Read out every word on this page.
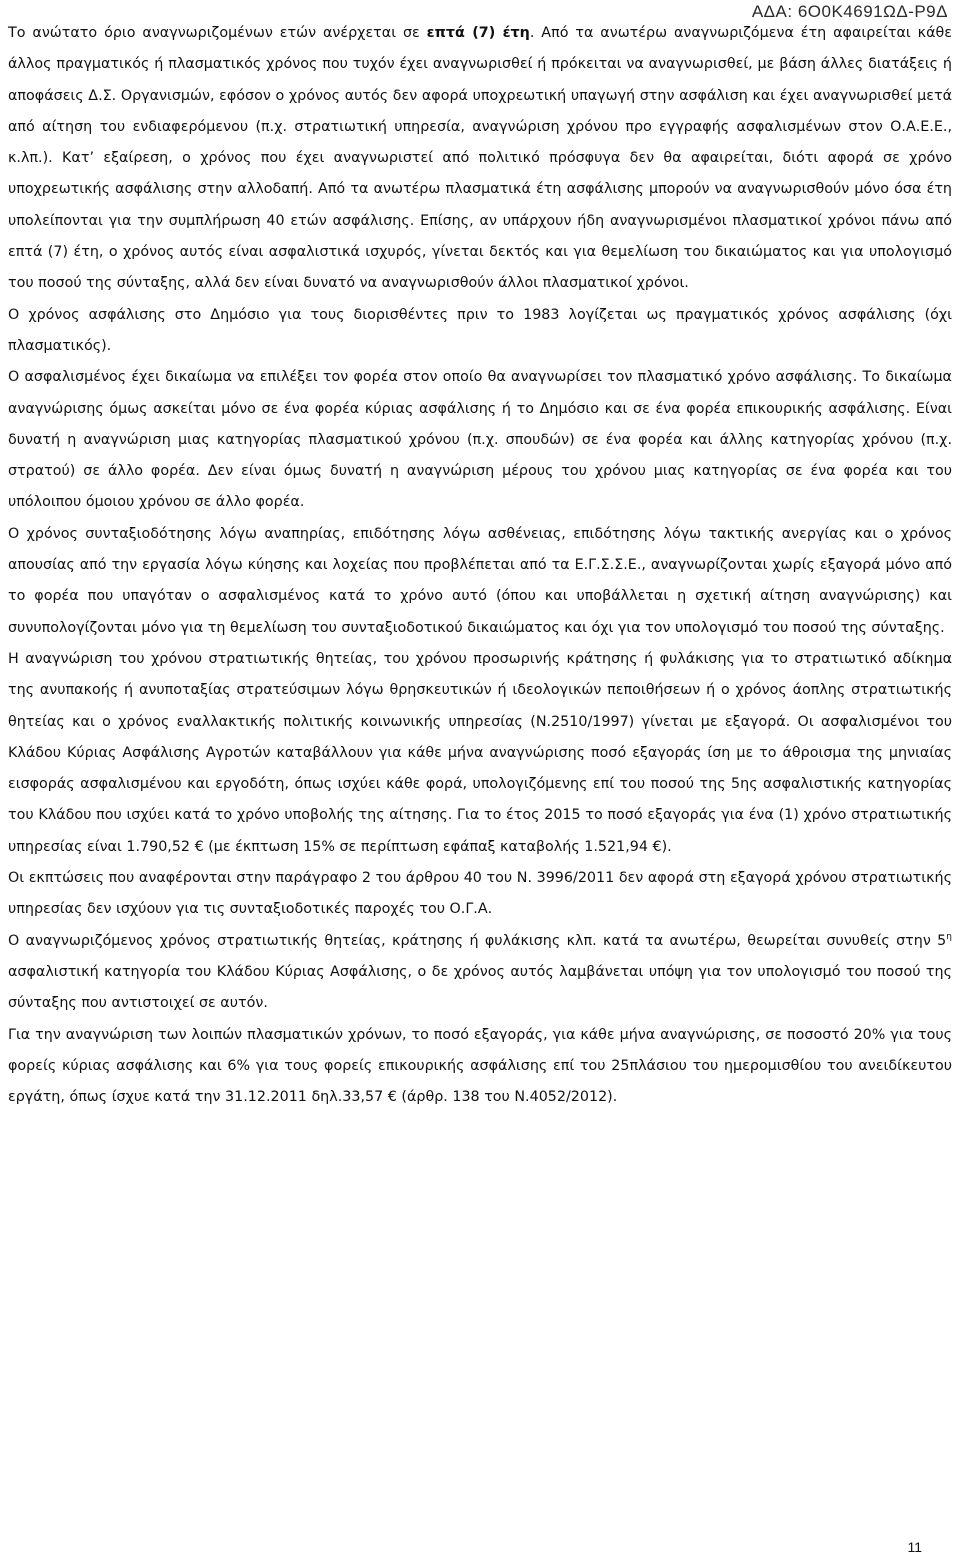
ΑΔΑ: 6Ο0Κ4691ΩΔ-Ρ9Δ

Το ανώτατο όριο αναγνωριζομένων ετών ανέρχεται σε επτά (7) έτη. Από τα ανωτέρω αναγνωριζόμενα έτη αφαιρείται κάθε άλλος πραγματικός ή πλασματικός χρόνος που τυχόν έχει αναγνωρισθεί ή πρόκειται να αναγνωρισθεί, με βάση άλλες διατάξεις ή αποφάσεις Δ.Σ. Οργανισμών, εφόσον ο χρόνος αυτός δεν αφορά υποχρεωτική υπαγωγή στην ασφάλιση και έχει αναγνωρισθεί μετά από αίτηση του ενδιαφερόμενου (π.χ. στρατιωτική υπηρεσία, αναγνώριση χρόνου προ εγγραφής ασφαλισμένων στον Ο.Α.Ε.Ε., κ.λπ.). Κατ’ εξαίρεση, ο χρόνος που έχει αναγνωριστεί από πολιτικό πρόσφυγα δεν θα αφαιρείται, διότι αφορά σε χρόνο υποχρεωτικής ασφάλισης στην αλλοδαπή. Από τα ανωτέρω πλασματικά έτη ασφάλισης μπορούν να αναγνωρισθούν μόνο όσα έτη υπολείπονται για την συμπλήρωση 40 ετών ασφάλισης. Επίσης, αν υπάρχουν ήδη αναγνωρισμένοι πλασματικοί χρόνοι πάνω από επτά (7) έτη, ο χρόνος αυτός είναι ασφαλιστικά ισχυρός, γίνεται δεκτός και για θεμελίωση του δικαιώματος και για υπολογισμό του ποσού της σύνταξης, αλλά δεν είναι δυνατό να αναγνωρισθούν άλλοι πλασματικοί χρόνοι.

Ο χρόνος ασφάλισης στο Δημόσιο για τους διορισθέντες πριν το 1983 λογίζεται ως πραγματικός χρόνος ασφάλισης (όχι πλασματικός).

Ο ασφαλισμένος έχει δικαίωμα να επιλέξει τον φορέα στον οποίο θα αναγνωρίσει τον πλασματικό χρόνο ασφάλισης. Το δικαίωμα αναγνώρισης όμως ασκείται μόνο σε ένα φορέα κύριας ασφάλισης ή το Δημόσιο και σε ένα φορέα επικουρικής ασφάλισης. Είναι δυνατή η αναγνώριση μιας κατηγορίας πλασματικού χρόνου (π.χ. σπουδών) σε ένα φορέα και άλλης κατηγορίας χρόνου (π.χ. στρατού) σε άλλο φορέα. Δεν είναι όμως δυνατή η αναγνώριση μέρους του χρόνου μιας κατηγορίας σε ένα φορέα και του υπόλοιπου όμοιου χρόνου σε άλλο φορέα.

Ο χρόνος συνταξιοδότησης λόγω αναπηρίας, επιδότησης λόγω ασθένειας, επιδότησης λόγω τακτικής ανεργίας και ο χρόνος απουσίας από την εργασία λόγω κύησης και λοχείας που προβλέπεται από τα Ε.Γ.Σ.Σ.Ε., αναγνωρίζονται χωρίς εξαγορά μόνο από το φορέα που υπαγόταν ο ασφαλισμένος κατά το χρόνο αυτό (όπου και υποβάλλεται η σχετική αίτηση αναγνώρισης) και συνυπολογίζονται μόνο για τη θεμελίωση του συνταξιοδοτικού δικαιώματος και όχι για τον υπολογισμό του ποσού της σύνταξης.

Η αναγνώριση του χρόνου στρατιωτικής θητείας, του χρόνου προσωρινής κράτησης ή φυλάκισης για το στρατιωτικό αδίκημα της ανυπακοής ή ανυποταξίας στρατεύσιμων λόγω θρησκευτικών ή ιδεολογικών πεποιθήσεων ή ο χρόνος άοπλης στρατιωτικής θητείας και ο χρόνος εναλλακτικής πολιτικής κοινωνικής υπηρεσίας (Ν.2510/1997) γίνεται με εξαγορά. Οι ασφαλισμένοι του Κλάδου Κύριας Ασφάλισης Αγροτών καταβάλλουν για κάθε μήνα αναγνώρισης ποσό εξαγοράς ίση με το άθροισμα της μηνιαίας εισφοράς ασφαλισμένου και εργοδότη, όπως ισχύει κάθε φορά, υπολογιζόμενης επί του ποσού της 5ης ασφαλιστικής κατηγορίας του Κλάδου που ισχύει κατά το χρόνο υποβολής της αίτησης. Για το έτος 2015 το ποσό εξαγοράς για ένα (1) χρόνο στρατιωτικής υπηρεσίας είναι 1.790,52 € (με έκπτωση 15% σε περίπτωση εφάπαξ καταβολής 1.521,94 €).

Οι εκπτώσεις που αναφέρονται στην παράγραφο 2 του άρθρου 40 του Ν. 3996/2011 δεν αφορά στη εξαγορά χρόνου στρατιωτικής υπηρεσίας δεν ισχύουν για τις συνταξιοδοτικές παροχές του Ο.Γ.Α.

Ο αναγνωριζόμενος χρόνος στρατιωτικής θητείας, κράτησης ή φυλάκισης κλπ. κατά τα ανωτέρω, θεωρείται συνυθείς στην $5^\eta$ ασφαλιστική κατηγορία του Κλάδου Κύριας Ασφάλισης, ο δε χρόνος αυτός λαμβάνεται υπόψη για τον υπολογισμό του ποσού της σύνταξης που αντιστοιχεί σε αυτόν.

Για την αναγνώριση των λοιπών πλασματικών χρόνων, το ποσό εξαγοράς, για κάθε μήνα αναγνώρισης, σε ποσοστό 20% για τους φορείς κύριας ασφάλισης και 6% για τους φορείς επικουρικής ασφάλισης επί του 25πλάσιου του ημερομισθίου του ανειδίκευτου εργάτη, όπως ίσχυε κατά την 31.12.2011 δηλ.33,57 € (άρθρ. 138 του Ν.4052/2012).

11
